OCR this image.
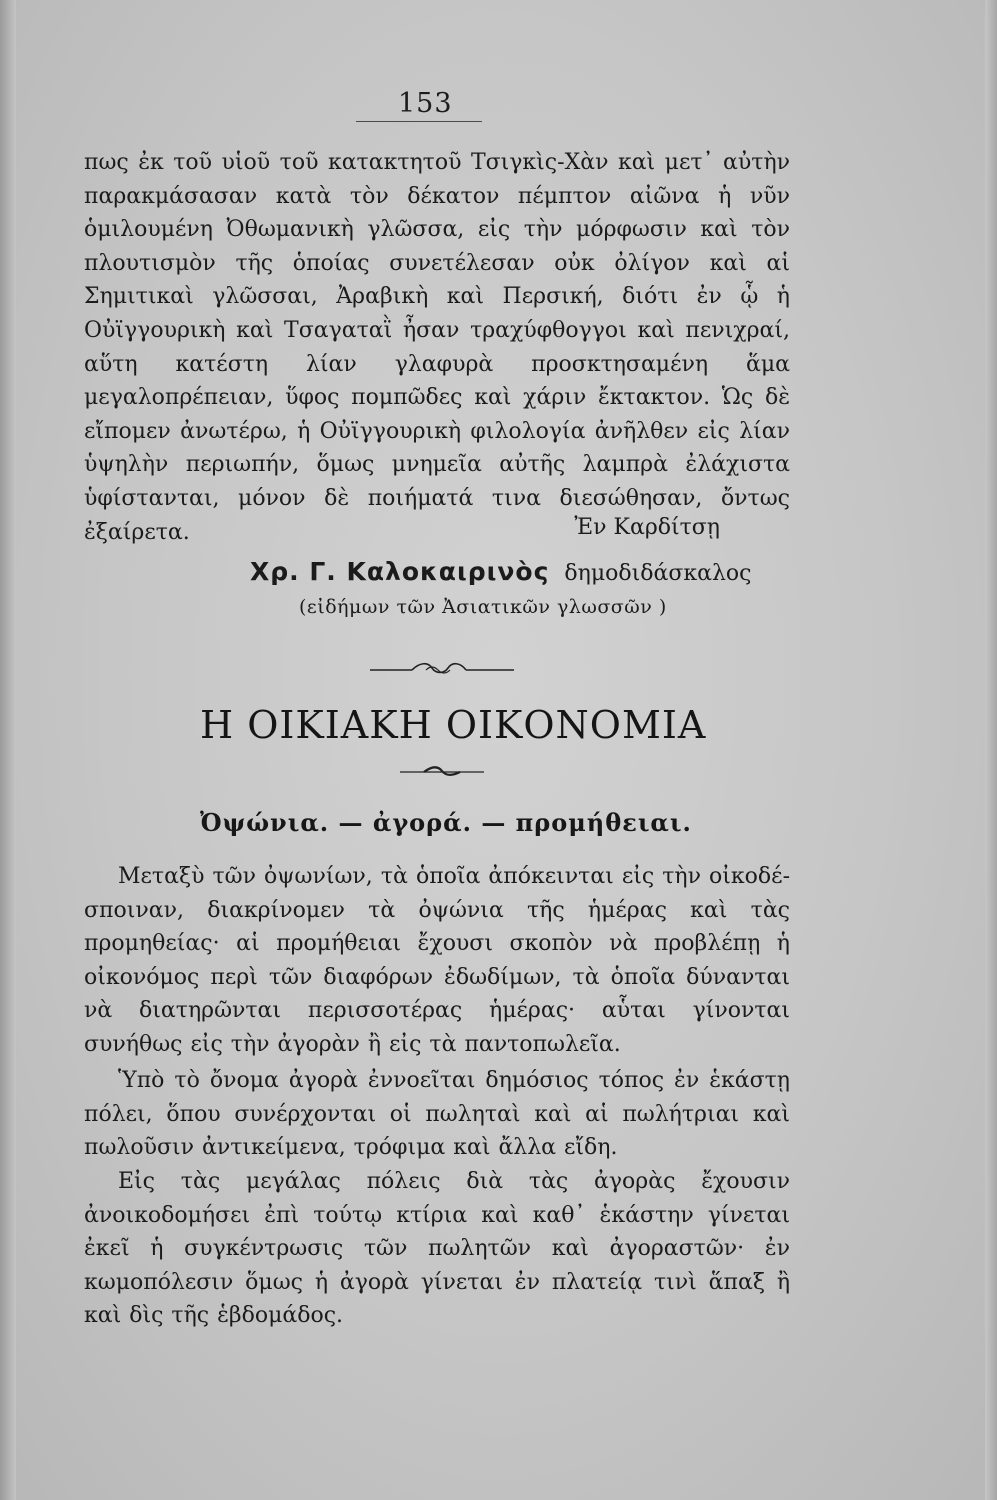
153

πως ἐκ τοῦ υἱοῦ τοῦ κατακτητοῦ Τσιγκὶς-Χὰν καὶ μετ᾽ αὐτὴν παρακμάσασαν κατὰ τὸν δέκατον πέμπτον αἰῶνα ἡ νῦν ὁμιλουμένη Ὀθωμανικὴ γλῶσσα, εἰς τὴν μόρφωσιν καὶ τὸν πλουτισμὸν τῆς ὁποίας συνετέλεσαν οὐκ ὀλίγον καὶ αἱ Σημιτικαὶ γλῶσσαι, Ἀραβικὴ καὶ Περσική, διότι ἐν ᾧ ἡ Οὐϊγγουρικὴ καὶ Τσαγαταῒ ἦσαν τραχύφθογγοι καὶ πενιχραί, αὕτη κατέστη λίαν γλαφυρὰ προσκτησαμένη ἅμα μεγαλοπρέπειαν, ὕφος πομπῶδες καὶ χάριν ἔκτακτον. Ὡς δὲ εἴπομεν ἀνωτέρω, ἡ Οὐϊγγουρικὴ φιλολογία ἀνῆλθεν εἰς λίαν ὑψηλὴν περιωπήν, ὅμως μνημεῖα αὐτῆς λαμπρὰ ἐλάχιστα ὑφίστανται, μόνον δὲ ποιήματά τινα διεσώθησαν, ὄντως ἐξαίρετα.	Ἐν Καρδίτσῃ
Χρ. Γ. Καλοκαιρινὸς δημοδιδάσκαλος
(εἰδήμων τῶν Ἀσιατικῶν γλωσσῶν )
Η ΟΙΚΙΑΚΗ ΟΙΚΟΝΟΜΙΑ
Ὀψώνια. — ἀγορά. — προμήθειαι.

Μεταξὺ τῶν ὀψωνίων, τὰ ὁποῖα ἀπόκεινται εἰς τὴν οἰκοδέσποιναν, διακρίνομεν τὰ ὀψώνια τῆς ἡμέρας καὶ τὰς προμηθείας· αἱ προμήθειαι ἔχουσι σκοπὸν νὰ προβλέπῃ ἡ οἰκονόμος περὶ τῶν διαφόρων ἐδωδίμων, τὰ ὁποῖα δύνανται νὰ διατηρῶνται περισσοτέρας ἡμέρας· αὗται γίνονται συνήθως εἰς τὴν ἀγορὰν ἢ εἰς τὰ παντοπωλεῖα.

Ὑπὸ τὸ ὄνομα ἀγορὰ ἐννοεῖται δημόσιος τόπος ἐν ἑκάστῃ πόλει, ὅπου συνέρχονται οἱ πωληταὶ καὶ αἱ πωλήτριαι καὶ πωλοῦσιν ἀντικείμενα, τρόφιμα καὶ ἄλλα εἴδη.

Εἰς τὰς μεγάλας πόλεις διὰ τὰς ἀγορὰς ἔχουσιν ἀνοικοδομήσει ἐπὶ τούτῳ κτίρια καὶ καθ᾽ ἑκάστην γίνεται ἐκεῖ ἡ συγκέντρωσις τῶν πωλητῶν καὶ ἀγοραστῶν· ἐν κωμοπόλεσιν ὅμως ἡ ἀγορὰ γίνεται ἐν πλατείᾳ τινὶ ἅπαξ ἢ καὶ δὶς τῆς ἑβδομάδος.
